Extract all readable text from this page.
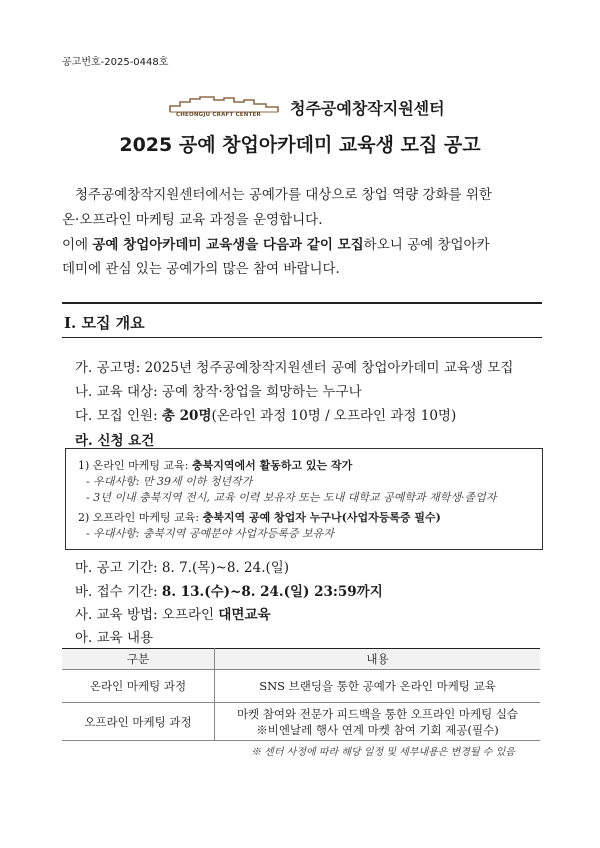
공고번호-2025-0448호
CHEONGJU CRAFT CENTER 청주공예창작지원센터
2025 공예 창업아카데미 교육생 모집 공고
청주공예창작지원센터에서는 공예가를 대상으로 창업 역량 강화를 위한
온·오프라인 마케팅 교육 과정을 운영합니다.
이에 공예 창업아카데미 교육생을 다음과 같이 모집하오니 공예 창업아카
데미에 관심 있는 공예가의 많은 참여 바랍니다.
I. 모집 개요
가. 공고명: 2025년 청주공예창작지원센터 공예 창업아카데미 교육생 모집
나. 교육 대상: 공예 창작·창업을 희망하는 누구나
다. 모집 인원: 총 20명(온라인 과정 10명 / 오프라인 과정 10명)
라. 신청 요건
1) 온라인 마케팅 교육: 충북지역에서 활동하고 있는 작가
- 우대사항: 만 39세 이하 청년작가
- 3년 이내 충북지역 전시, 교육 이력 보유자 또는 도내 대학교 공예학과 재학생·졸업자
2) 오프라인 마케팅 교육: 충북지역 공예 창업자 누구나(사업자등록증 필수)
- 우대사항: 충북지역 공예분야 사업자등록증 보유자
마. 공고 기간: 8. 7.(목)~8. 24.(일)
바. 접수 기간: 8. 13.(수)~8. 24.(일) 23:59까지
사. 교육 방법: 오프라인 대면교육
아. 교육 내용
구분	내용
온라인 마케팅 과정	SNS 브랜딩을 통한 공예가 온라인 마케팅 교육
오프라인 마케팅 과정	마켓 참여와 전문가 피드백을 통한 오프라인 마케팅 실습
※비엔날레 행사 연계 마켓 참여 기회 제공(필수)
※ 센터 사정에 따라 해당 일정 및 세부내용은 변경될 수 있음
